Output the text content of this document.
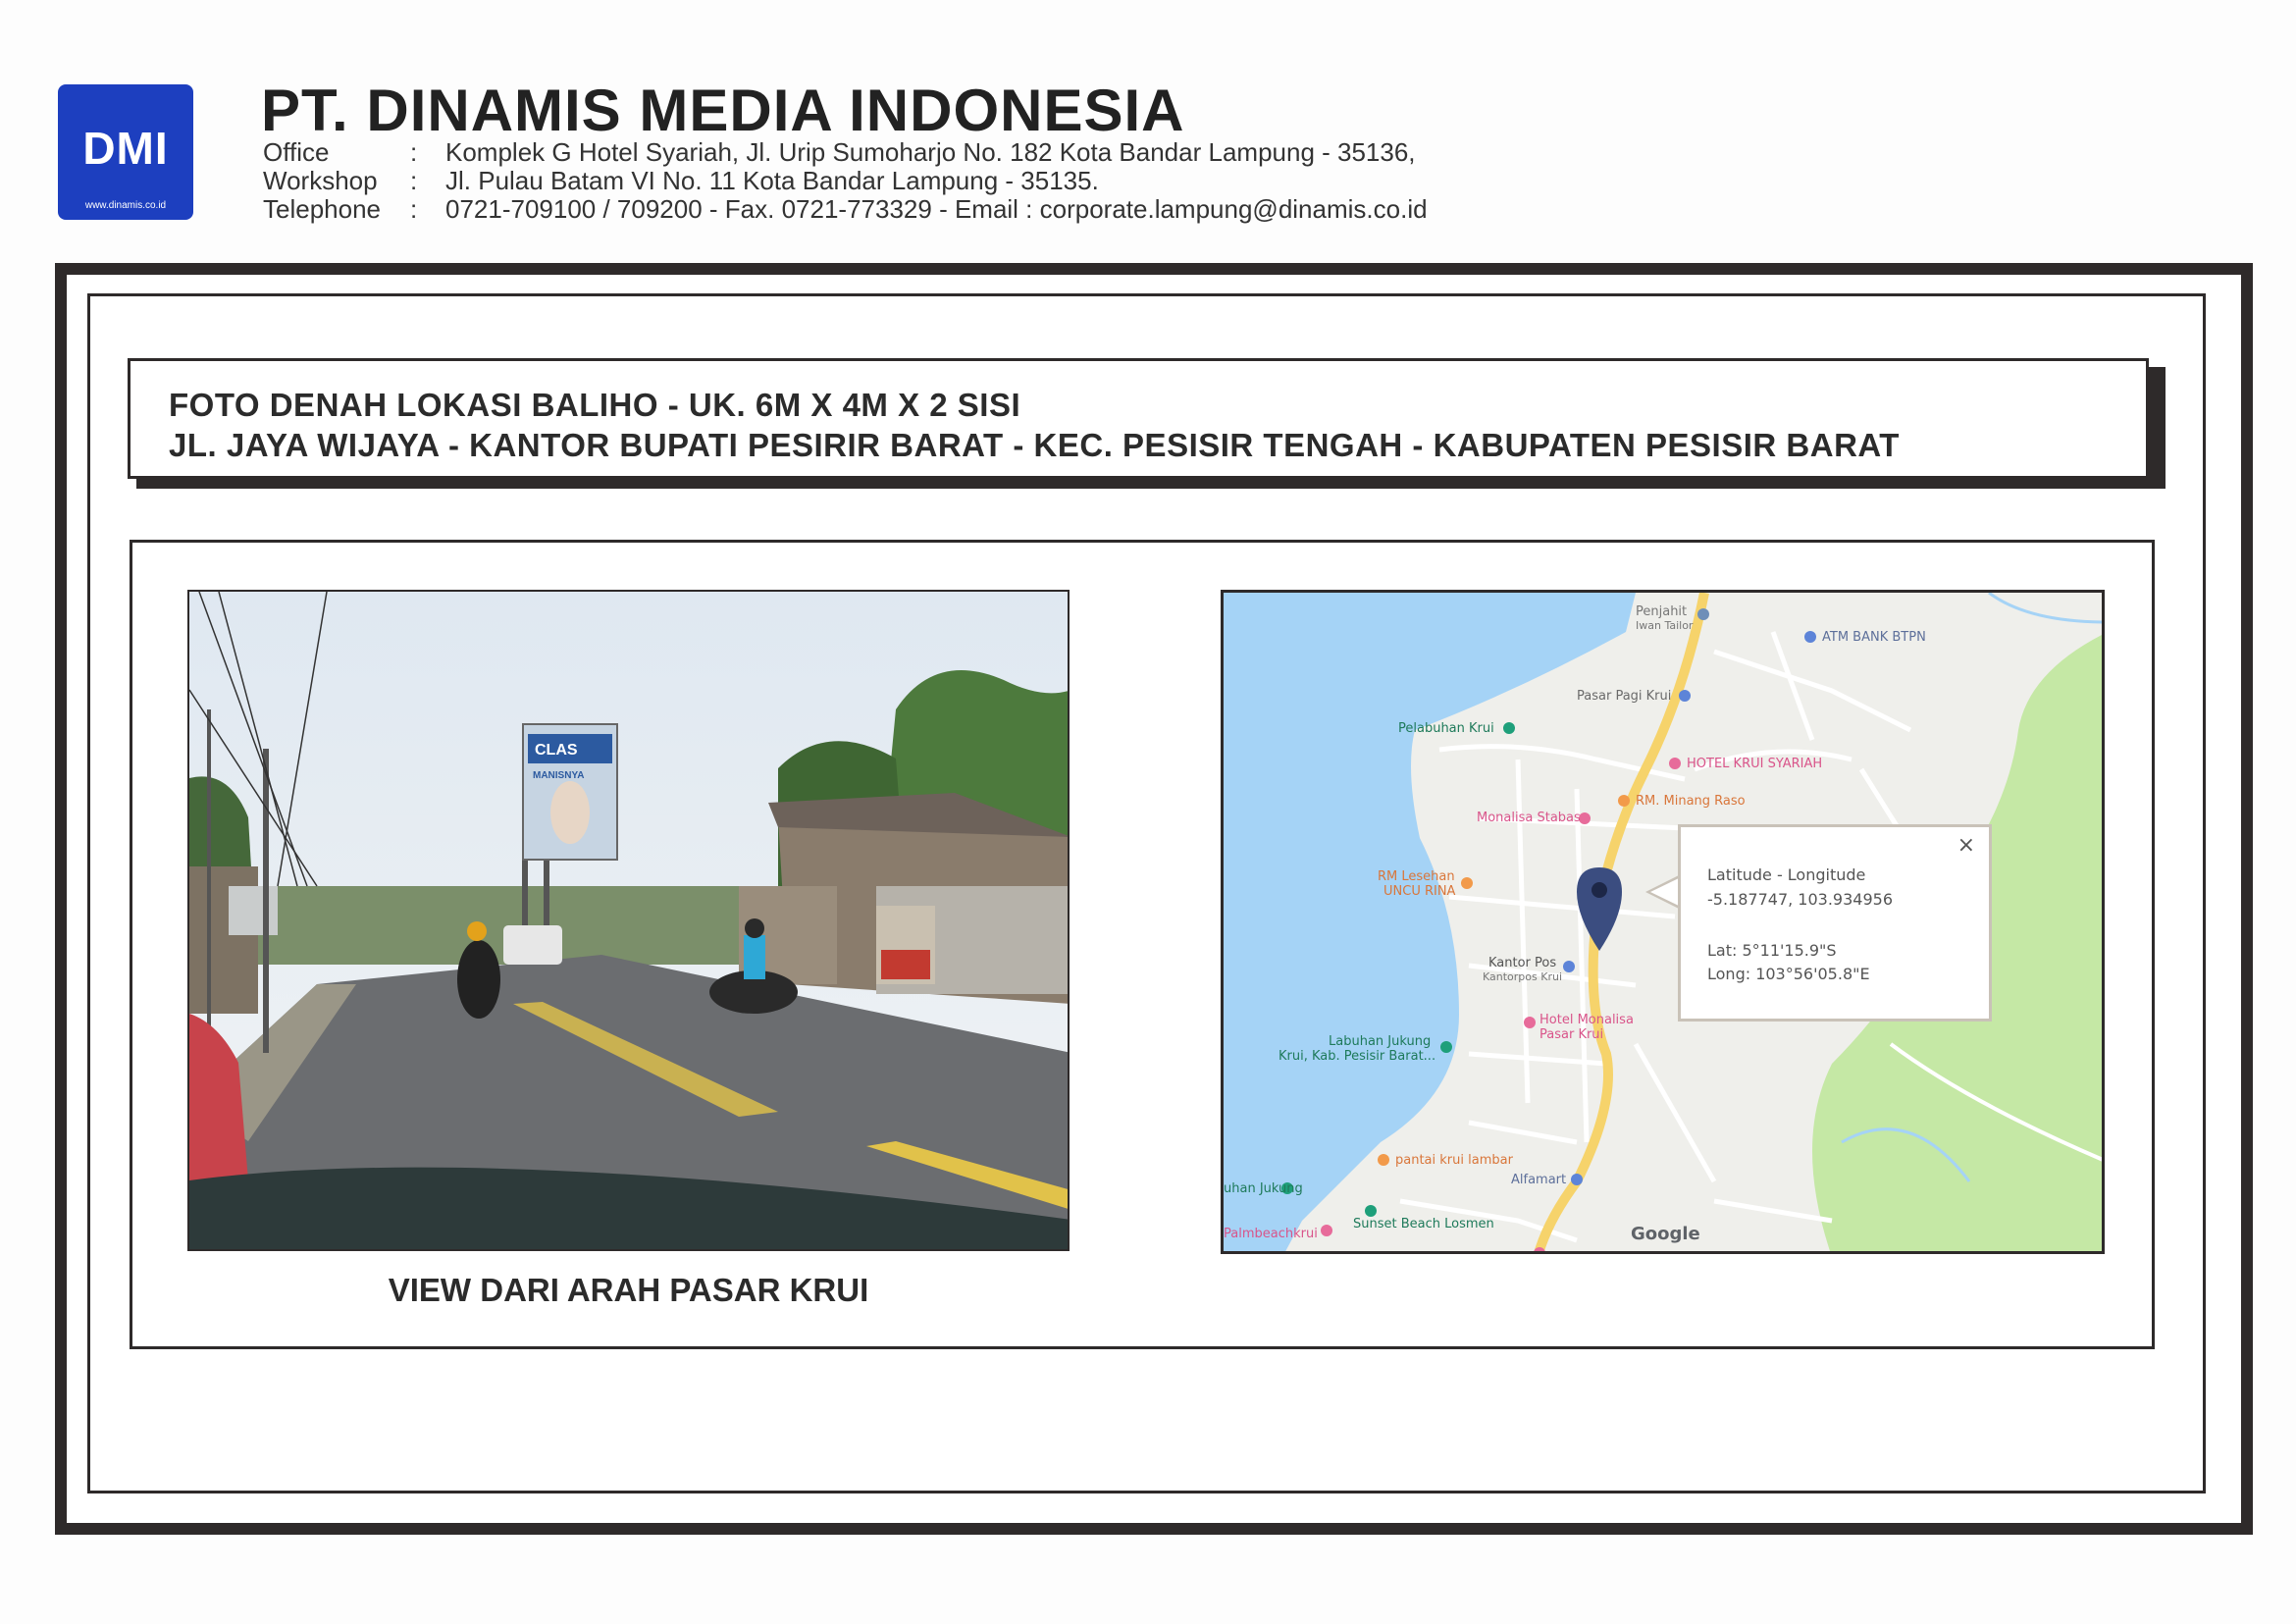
DMI
www.dinamis.co.id
PT. DINAMIS MEDIA INDONESIA
Office	:	Komplek G Hotel Syariah, Jl. Urip Sumoharjo No. 182 Kota Bandar Lampung - 35136,
Workshop	:	Jl. Pulau Batam VI No. 11 Kota Bandar Lampung - 35135.
Telephone	:	0721-709100 / 709200 - Fax. 0721-773329 - Email : corporate.lampung@dinamis.co.id
FOTO DENAH LOKASI BALIHO - UK. 6M X 4M X 2 SISI
JL. JAYA WIJAYA - KANTOR BUPATI PESIRIR BARAT - KEC. PESISIR TENGAH - KABUPATEN PESISIR BARAT
CLAS
MANISNYA
VIEW DARI ARAH PASAR KRUI
Penjahit
Iwan Tailor
ATM BANK BTPN
Pasar Pagi Krui
Pelabuhan Krui
HOTEL KRUI SYARIAH
RM. Minang Raso
Monalisa Stabas
RM Lesehan
UNCU RINA
Kantor Pos
Kantorpos Krui
Hotel Monalisa
Pasar Krui
Labuhan Jukung
Krui, Kab. Pesisir Barat...
pantai krui lambar
Alfamart
uhan Jukung
Sunset Beach Losmen
Palmbeachkrui	Google
×
Latitude - Longitude
-5.187747, 103.934956
Lat: 5°11'15.9"S
Long: 103°56'05.8"E
